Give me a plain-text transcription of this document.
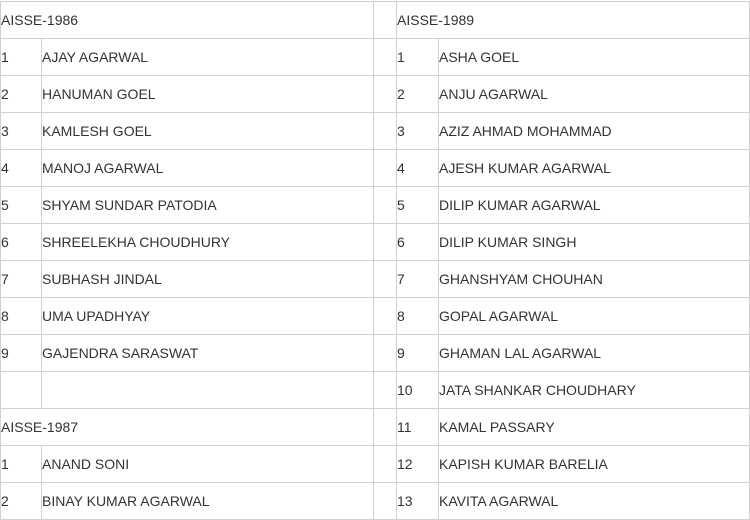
AISSE-1986			AISSE-1989	
1	AJAY AGARWAL		1	ASHA GOEL
2	HANUMAN GOEL		2	ANJU AGARWAL
3	KAMLESH GOEL		3	AZIZ AHMAD MOHAMMAD
4	MANOJ AGARWAL		4	AJESH KUMAR AGARWAL
5	SHYAM SUNDAR PATODIA		5	DILIP KUMAR AGARWAL
6	SHREELEKHA CHOUDHURY		6	DILIP KUMAR SINGH
7	SUBHASH JINDAL		7	GHANSHYAM CHOUHAN
8	UMA UPADHYAY		8	GOPAL AGARWAL
9	GAJENDRA SARASWAT		9	GHAMAN LAL AGARWAL
			10	JATA SHANKAR CHOUDHARY
AISSE-1987			11	KAMAL PASSARY
1	ANAND SONI		12	KAPISH KUMAR BARELIA
2	BINAY KUMAR AGARWAL		13	KAVITA AGARWAL
